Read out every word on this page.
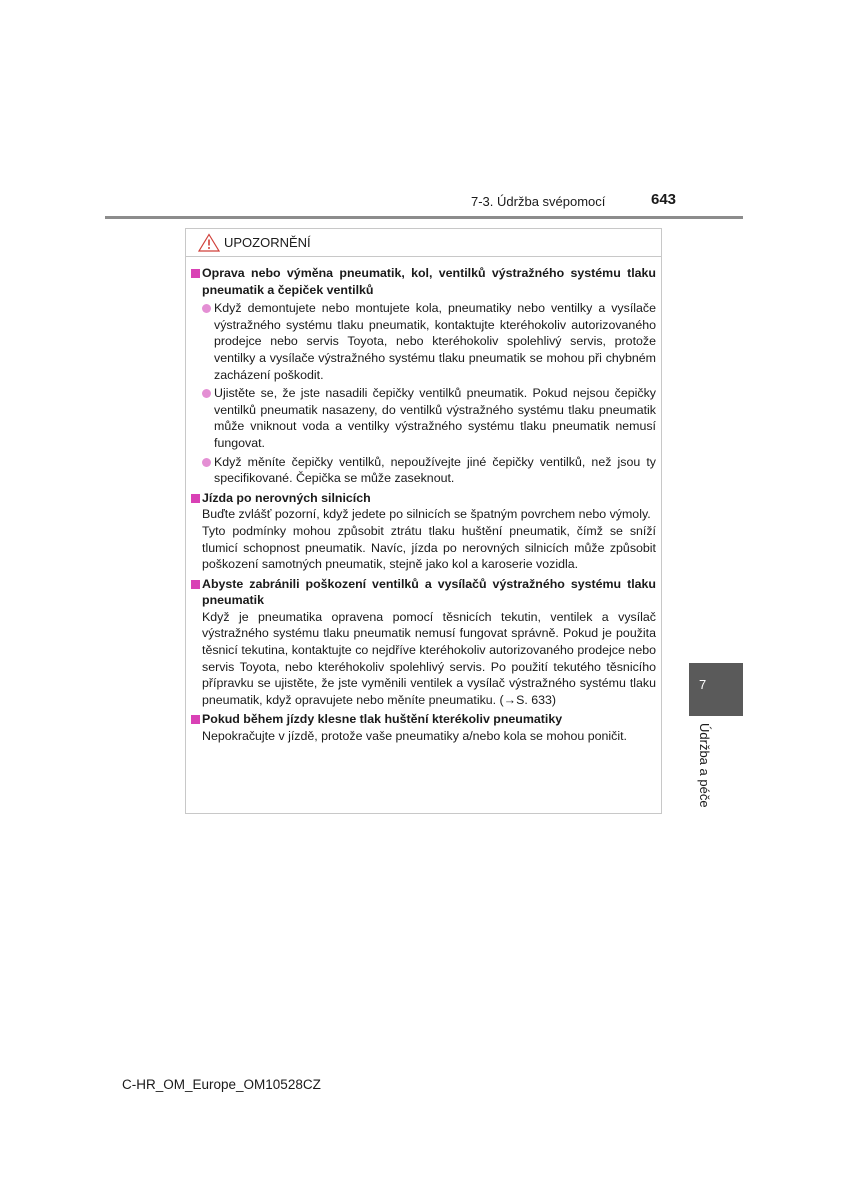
7-3. Údržba svépomocí	643
UPOZORNĚNÍ
Oprava nebo výměna pneumatik, kol, ventilků výstražného systému tlaku pneumatik a čepiček ventilků
Když demontujete nebo montujete kola, pneumatiky nebo ventilky a vysílače výstražného systému tlaku pneumatik, kontaktujte kteréhokoliv autorizovaného prodejce nebo servis Toyota, nebo kteréhokoliv spolehlivý servis, protože ventilky a vysílače výstražného systému tlaku pneumatik se mohou při chybném zacházení poškodit.
Ujistěte se, že jste nasadili čepičky ventilků pneumatik. Pokud nejsou čepičky ventilků pneumatik nasazeny, do ventilků výstražného systému tlaku pneumatik může vniknout voda a ventilky výstražného systému tlaku pneumatik nemusí fungovat.
Když měníte čepičky ventilků, nepoužívejte jiné čepičky ventilků, než jsou ty specifikované. Čepička se může zaseknout.
Jízda po nerovných silnicích
Buďte zvlášť pozorní, když jedete po silnicích se špatným povrchem nebo výmoly.
Tyto podmínky mohou způsobit ztrátu tlaku huštění pneumatik, čímž se sníží tlumicí schopnost pneumatik. Navíc, jízda po nerovných silnicích může způsobit poškození samotných pneumatik, stejně jako kol a karoserie vozidla.
Abyste zabránili poškození ventilků a vysílačů výstražného systému tlaku pneumatik
Když je pneumatika opravena pomocí těsnicích tekutin, ventilek a vysílač výstražného systému tlaku pneumatik nemusí fungovat správně. Pokud je použita těsnicí tekutina, kontaktujte co nejdříve kteréhokoliv autorizovaného prodejce nebo servis Toyota, nebo kteréhokoliv spolehlivý servis. Po použití tekutého těsnicího přípravku se ujistěte, že jste vyměnili ventilek a vysílač výstražného systému tlaku pneumatik, když opravujete nebo měníte pneumatiku. (→S. 633)
Pokud během jízdy klesne tlak huštění kterékoliv pneumatiky
Nepokračujte v jízdě, protože vaše pneumatiky a/nebo kola se mohou poničit.
7
Údržba a péče
C-HR_OM_Europe_OM10528CZ
